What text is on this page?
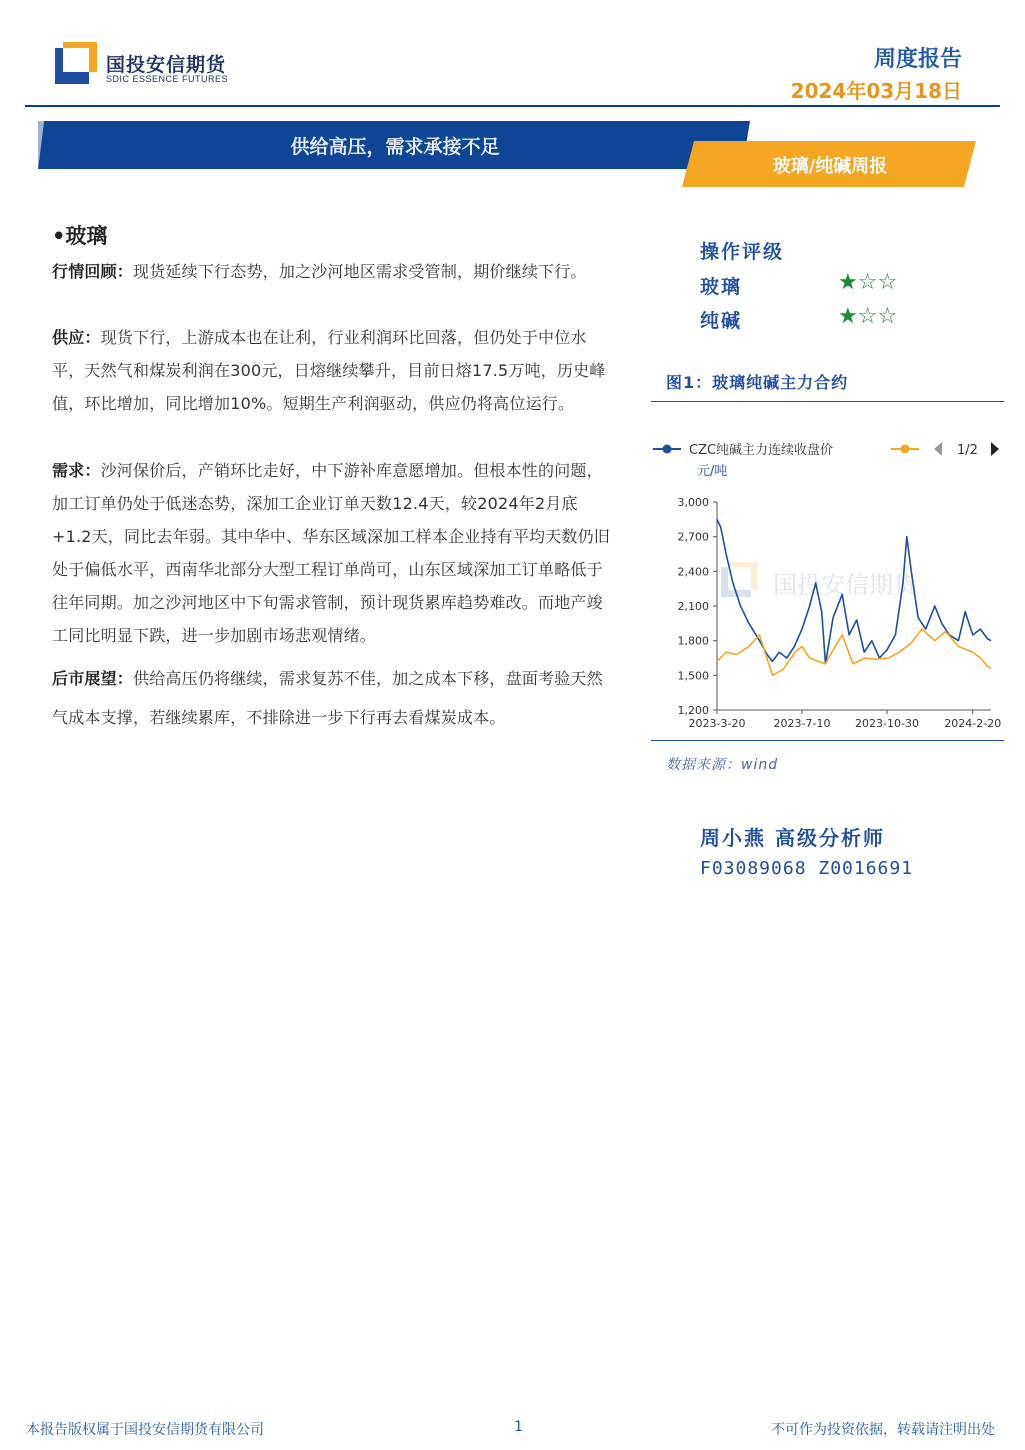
国投安信期货
SDIC ESSENCE FUTURES
周度报告
2024年03月18日
供给高压，需求承接不足
玻璃/纯碱周报
•玻璃
行情回顾：现货延续下行态势，加之沙河地区需求受管制，期价继续下行。
供应：现货下行，上游成本也在让利，行业利润环比回落，但仍处于中位水平，天然气和煤炭利润在300元，日熔继续攀升，目前日熔17.5万吨，历史峰值，环比增加，同比增加10%。短期生产利润驱动，供应仍将高位运行。
需求：沙河保价后，产销环比走好，中下游补库意愿增加。但根本性的问题，加工订单仍处于低迷态势，深加工企业订单天数12.4天，较2024年2月底+1.2天，同比去年弱。其中华中、华东区域深加工样本企业持有平均天数仍旧处于偏低水平，西南华北部分大型工程订单尚可，山东区域深加工订单略低于往年同期。加之沙河地区中下旬需求管制，预计现货累库趋势难改。而地产竣工同比明显下跌，进一步加剧市场悲观情绪。
后市展望：供给高压仍将继续，需求复苏不佳，加之成本下移，盘面考验天然气成本支撑，若继续累库，不排除进一步下行再去看煤炭成本。
操作评级
玻璃	★☆☆
纯碱	★☆☆
图1：玻璃纯碱主力合约
CZC纯碱主力连续收盘价	1/2
元/吨
国投安信期货
3,000
2,700
2,400
2,100
1,800
1,500
1,200
2023-3-20	2023-7-10 2023-10-30 2024-2-20
数据来源：wind
周小燕 高级分析师
F03089068 Z0016691
本报告版权属于国投安信期货有限公司	1	不可作为投资依据，转载请注明出处
